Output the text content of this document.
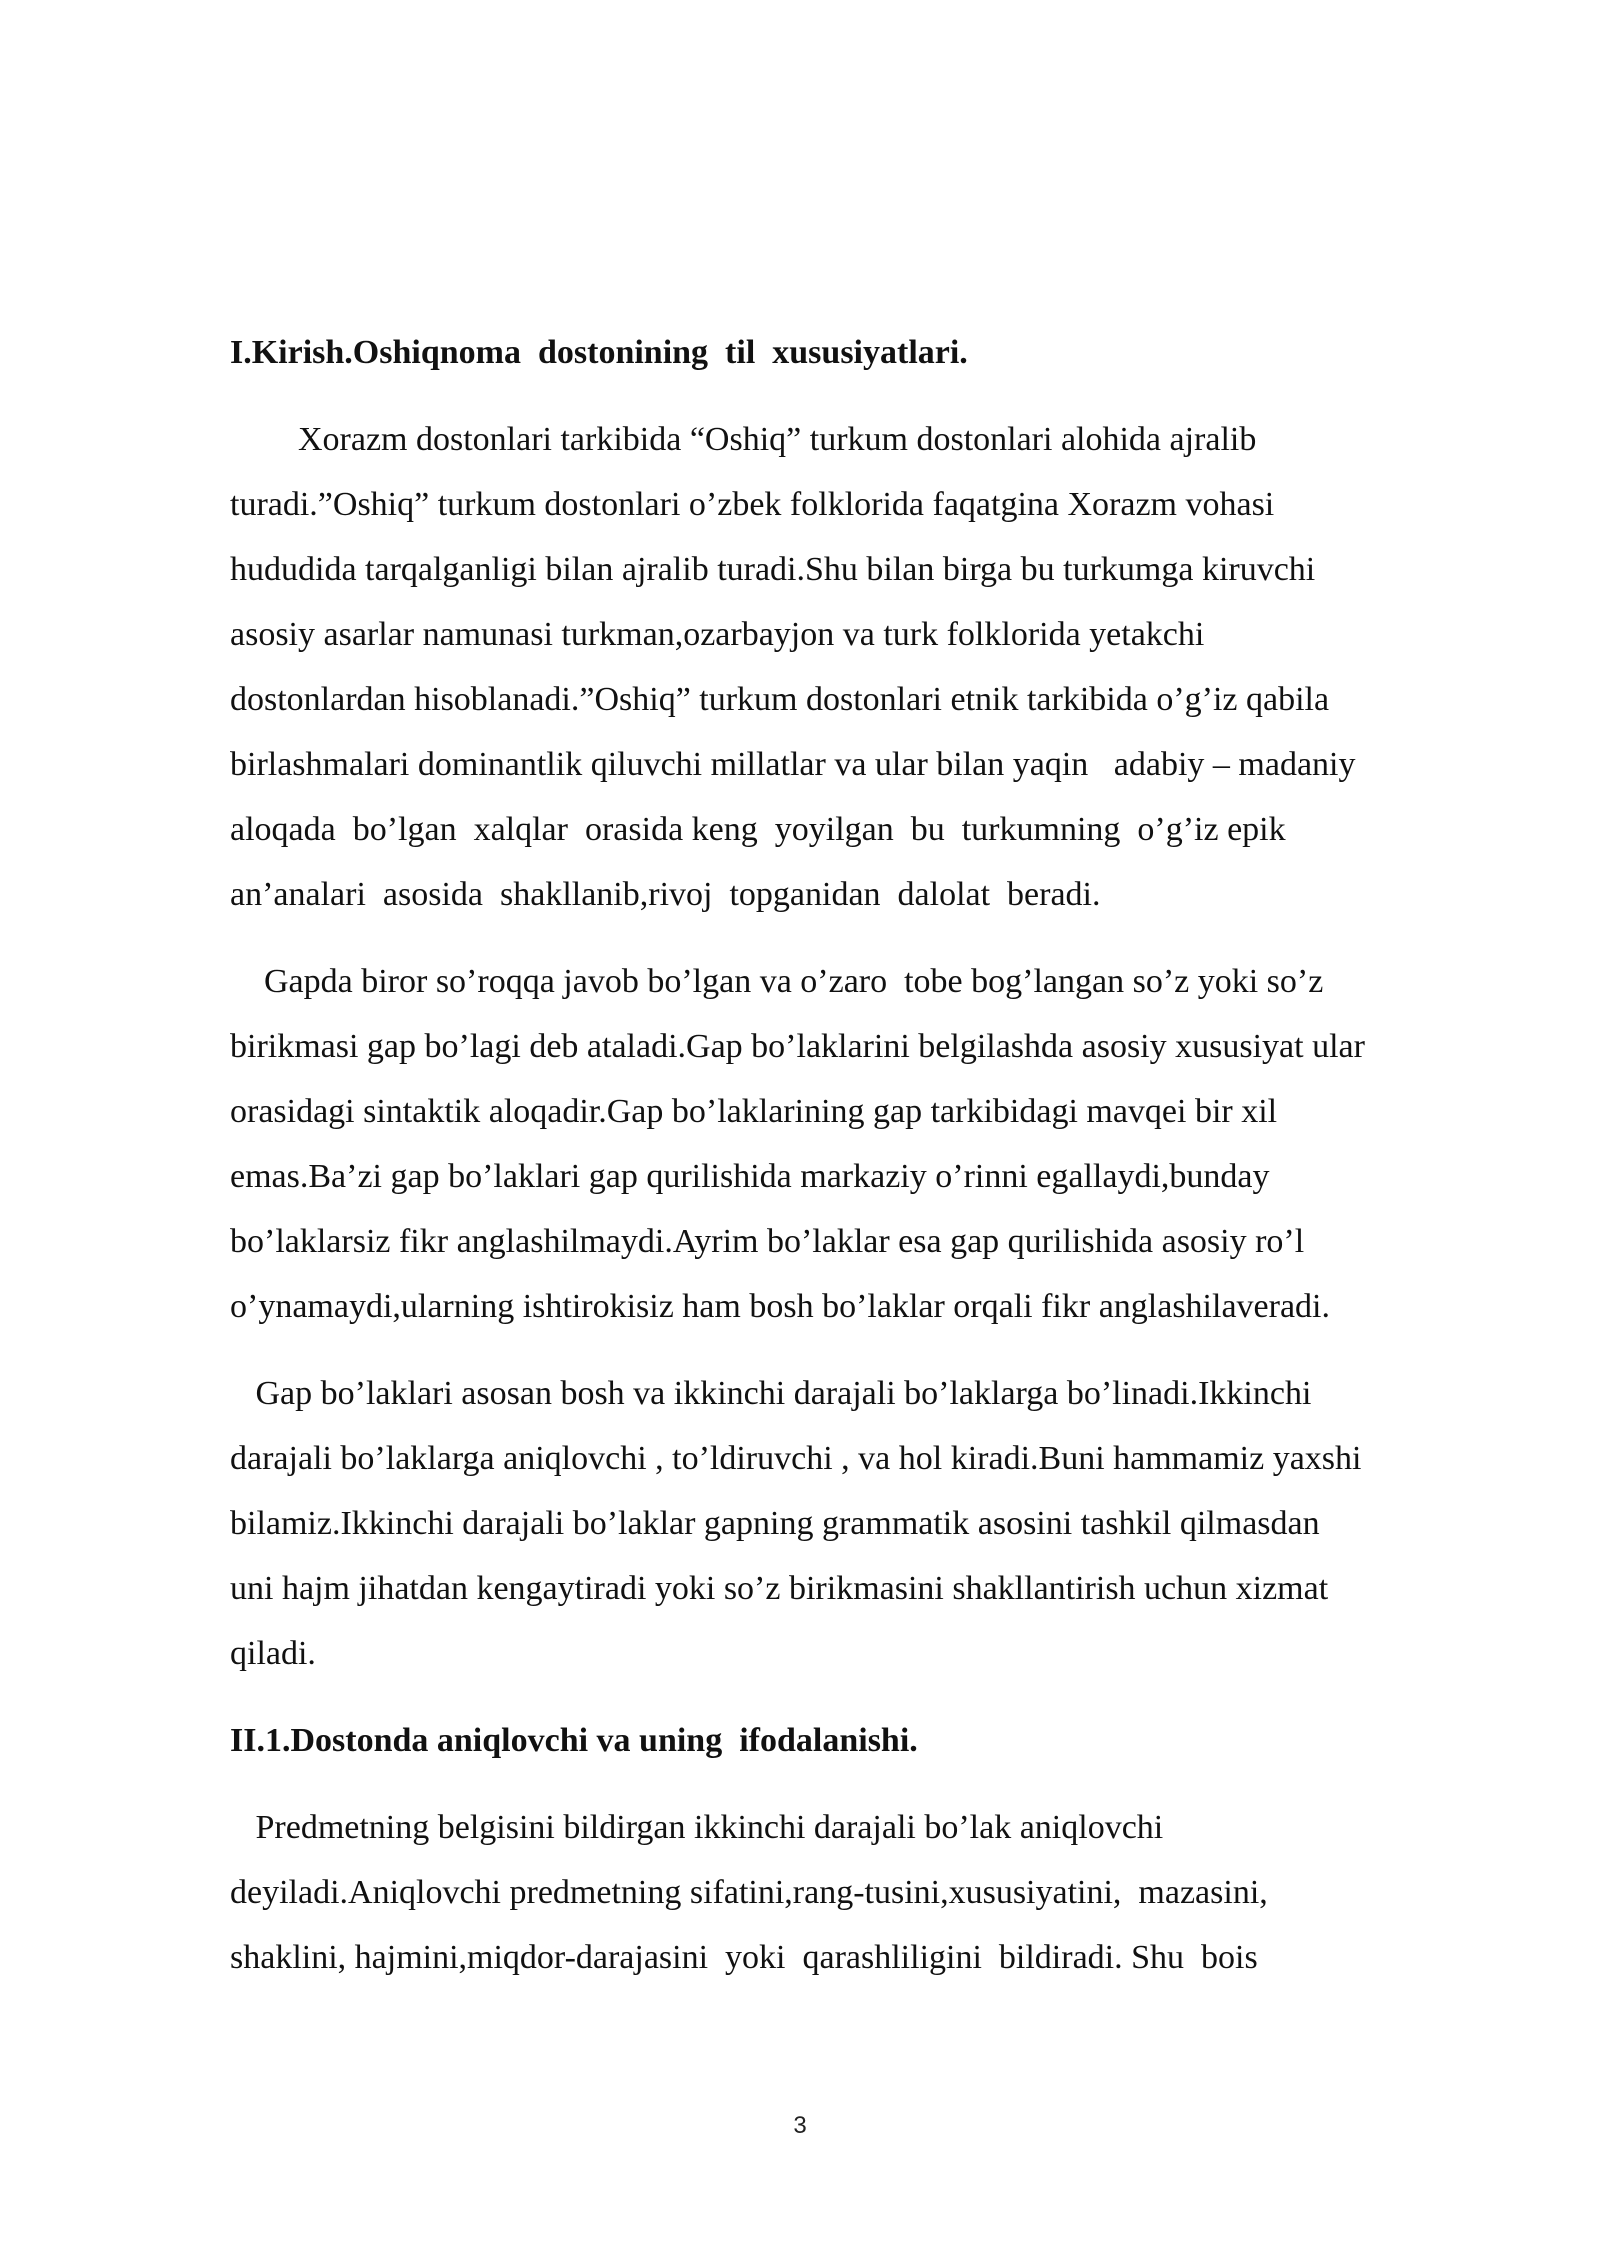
I.Kirish.Oshiqnoma  dostonining  til  xususiyatlari.

Xorazm dostonlari tarkibida “Oshiq” turkum dostonlari alohida ajralib
turadi.”Oshiq” turkum dostonlari o’zbek folklorida faqatgina Xorazm vohasi
hududida tarqalganligi bilan ajralib turadi.Shu bilan birga bu turkumga kiruvchi
asosiy asarlar namunasi turkman,ozarbayjon va turk folklorida yetakchi
dostonlardan hisoblanadi.”Oshiq” turkum dostonlari etnik tarkibida o’g’iz qabila
birlashmalari dominantlik qiluvchi millatlar va ular bilan yaqin   adabiy – madaniy
aloqada  bo’lgan  xalqlar  orasida keng  yoyilgan  bu  turkumning  o’g’iz epik
an’analari  asosida  shakllanib,rivoj  topganidan  dalolat  beradi.

Gapda biror so’roqqa javob bo’lgan va o’zaro  tobe bog’langan so’z yoki so’z
birikmasi gap bo’lagi deb ataladi.Gap bo’laklarini belgilashda asosiy xususiyat ular
orasidagi sintaktik aloqadir.Gap bo’laklarining gap tarkibidagi mavqei bir xil
emas.Ba’zi gap bo’laklari gap qurilishida markaziy o’rinni egallaydi,bunday
bo’laklarsiz fikr anglashilmaydi.Ayrim bo’laklar esa gap qurilishida asosiy ro’l
o’ynamaydi,ularning ishtirokisiz ham bosh bo’laklar orqali fikr anglashilaveradi.

Gap bo’laklari asosan bosh va ikkinchi darajali bo’laklarga bo’linadi.Ikkinchi
darajali bo’laklarga aniqlovchi , to’ldiruvchi , va hol kiradi.Buni hammamiz yaxshi
bilamiz.Ikkinchi darajali bo’laklar gapning grammatik asosini tashkil qilmasdan
uni hajm jihatdan kengaytiradi yoki so’z birikmasini shakllantirish uchun xizmat
qiladi.

II.1.Dostonda aniqlovchi va uning  ifodalanishi.

Predmetning belgisini bildirgan ikkinchi darajali bo’lak aniqlovchi
deyiladi.Aniqlovchi predmetning sifatini,rang-tusini,xususiyatini,  mazasini,
shaklini, hajmini,miqdor-darajasini  yoki  qarashliligini  bildiradi. Shu  bois

3
